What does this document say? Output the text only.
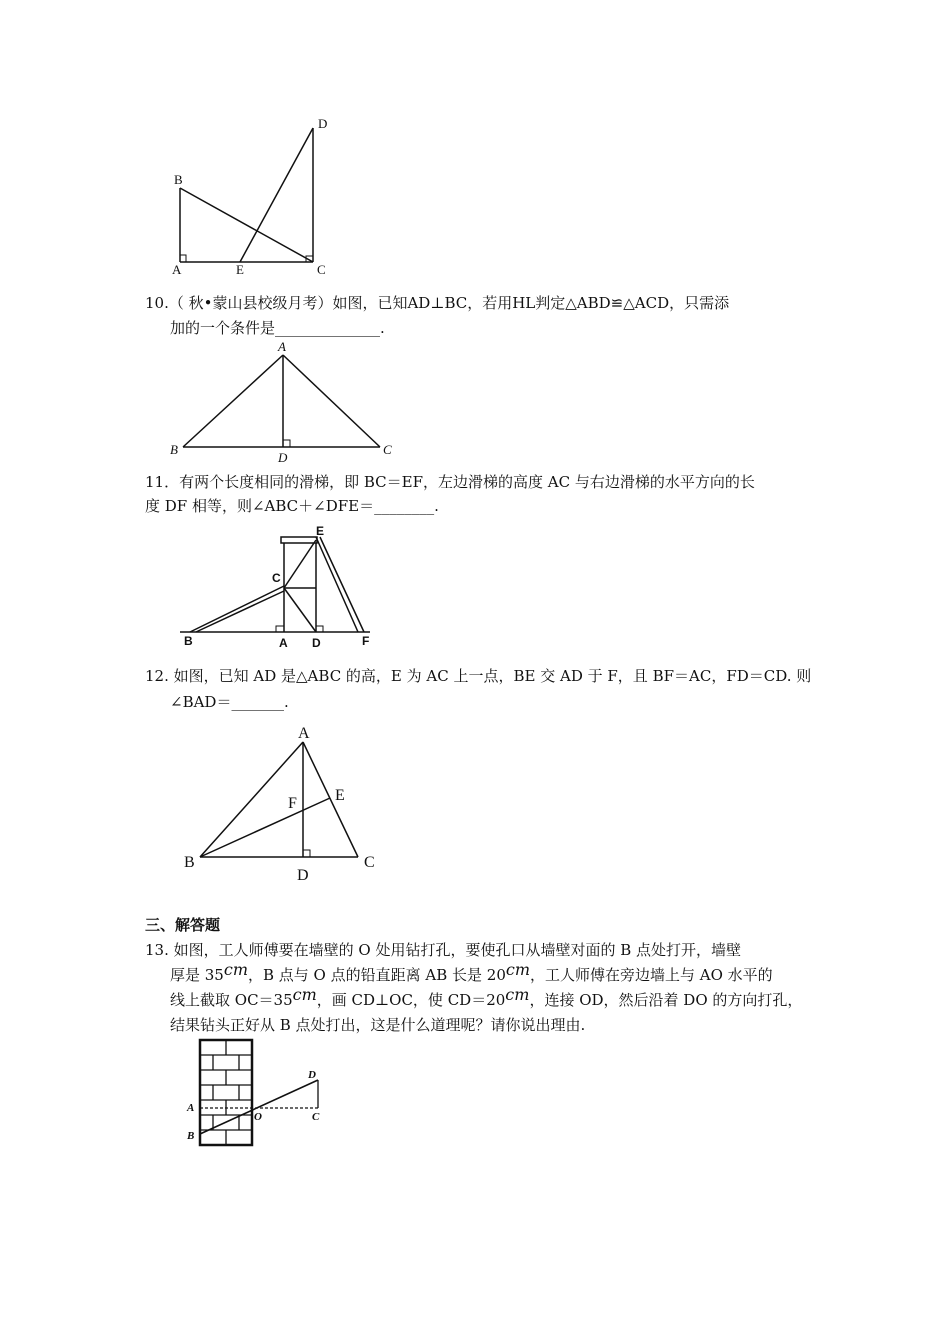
B
D
A	E	C
A
B
D
C
E
C
B	A D	F
A
F E
B
D
C
D
A
O	C
B
10.（ 秋•蒙山县校级月考）如图，已知AD⊥BC，若用HL判定△ABD≌△ACD，只需添
加的一个条件是______________.
11．有两个长度相同的滑梯，即 BC＝EF，左边滑梯的高度 AC 与右边滑梯的水平方向的长
度 DF 相等，则∠ABC＋∠DFE＝________.
12. 如图，已知 AD 是△ABC 的高，E 为 AC 上一点，BE 交 AD 于 F，且 BF＝AC，FD＝CD. 则
∠BAD＝_______.
三、解答题
13. 如图，工人师傅要在墙壁的 O 处用钻打孔，要使孔口从墙壁对面的 B 点处打开，墙壁
厚是 35cm，B 点与 O 点的铅直距离 AB 长是 20cm，工人师傅在旁边墙上与 AO 水平的
线上截取 OC＝35cm，画 CD⊥OC，使 CD＝20cm，连接 OD，然后沿着 DO 的方向打孔，
结果钻头正好从 B 点处打出，这是什么道理呢？请你说出理由.
